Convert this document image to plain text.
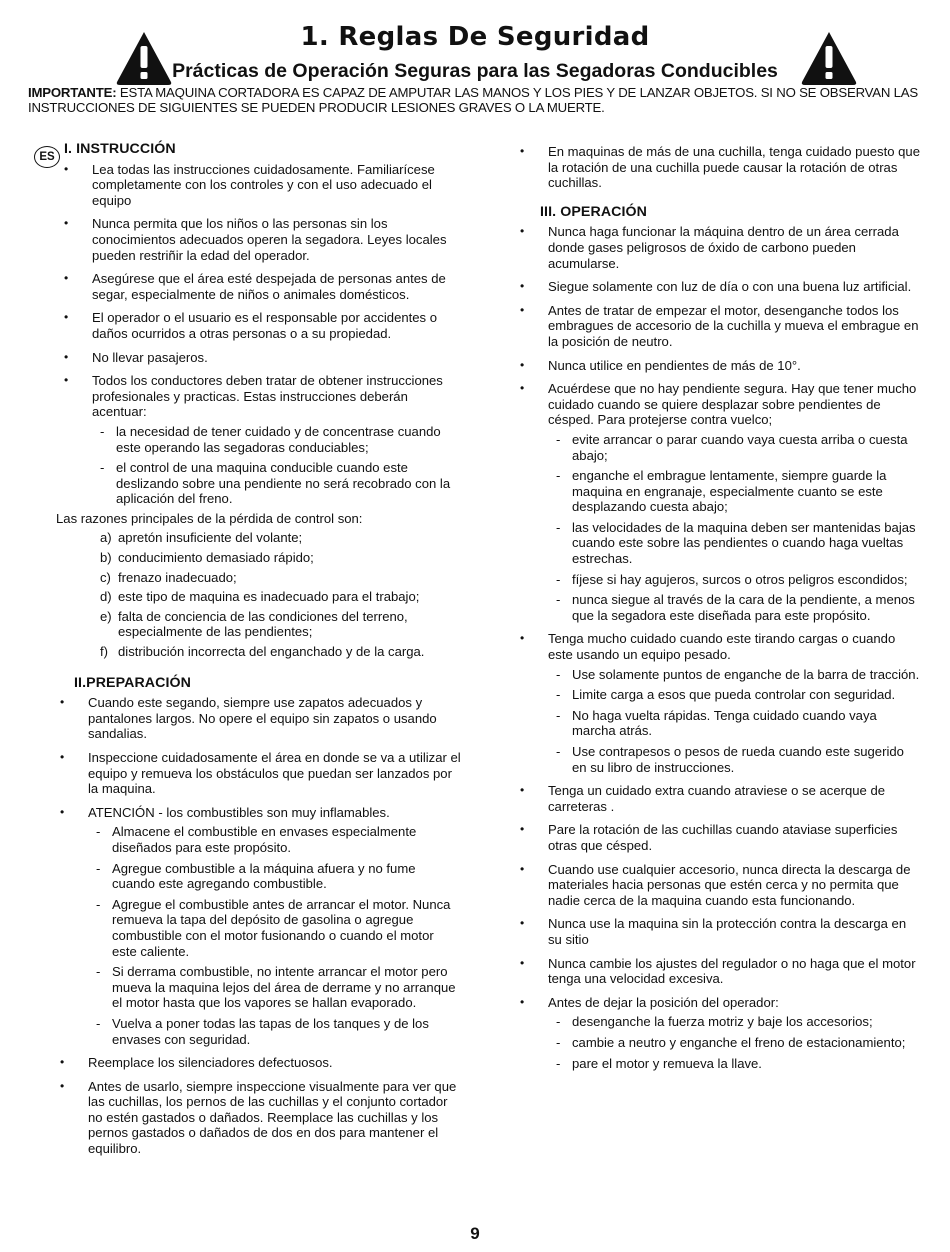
1. Reglas De Seguridad
Prácticas de Operación Seguras para las Segadoras Conducibles
IMPORTANTE: ESTA MAQUINA CORTADORA ES CAPAZ DE AMPUTAR LAS MANOS Y LOS PIES Y DE LANZAR OBJETOS. SI NO SE OBSERVAN LAS INSTRUCCIONES DE SIGUIENTES SE PUEDEN PRODUCIR LESIONES GRAVES O LA MUERTE.
ES I. INSTRUCCIÓN
• Lea todas las instrucciones cuidadosamente. Familiarícese completamente con los controles y con el uso adecuado el equipo
• Nunca permita que los niños o las personas sin los conocimientos adecuados operen la segadora. Leyes locales pueden restriñir la edad del operador.
• Asegúrese que el área esté despejada de personas antes de segar, especialmente de niños o animales domésticos.
• El operador o el usuario es el responsable por accidentes o daños ocurridos a otras personas o a su propiedad.
• No llevar pasajeros.
• Todos los conductores deben tratar de obtener instrucciones profesionales y practicas. Estas instrucciones deberán acentuar:
- la necesidad de tener cuidado y de concentrase cuando este operando las segadoras conduciables;
- el control de una maquina conducible cuando este deslizando sobre una pendiente no será recobrado con la aplicación del freno.

Las razones principales de la pérdida de control son:

a) apretón insuficiente del volante;
b) conducimiento demasiado rápido;
c) frenazo inadecuado;
d) este tipo de maquina es inadecuado para el trabajo;
e) falta de conciencia de las condiciones del terreno, especialmente de las pendientes;
f) distribución incorrecta del enganchado y de la carga.
II.PREPARACIÓN
• Cuando este segando, siempre use zapatos adecuados y pantalones largos. No opere el equipo sin zapatos o usando sandalias.
• Inspeccione cuidadosamente el área en donde se va a utilizar el equipo y remueva los obstáculos que puedan ser lanzados por la maquina.
• ATENCIÓN - los combustibles son muy inflamables.
- Almacene el combustible en envases especialmente diseñados para este propósito.
- Agregue combustible a la máquina afuera y no fume cuando este agregando combustible.
- Agregue el combustible antes de arrancar el motor. Nunca remueva la tapa del depósito de gasolina o agregue combustible con el motor fusionando o cuando el motor este caliente.
- Si derrama combustible, no intente arrancar el motor pero mueva la maquina lejos del área de derrame y no arranque el motor hasta que los vapores se hallan evaporado.
- Vuelva a poner todas las tapas de los tanques y de los envases con seguridad.
• Reemplace los silenciadores defectuosos.
• Antes de usarlo, siempre inspeccione visualmente para ver que las cuchillas, los pernos de las cuchillas y el conjunto cortador no estén gastados o dañados. Reemplace las cuchillas y los pernos gastados o dañados de dos en dos para mantener el equilibro.
• En maquinas de más de una cuchilla, tenga cuidado puesto que la rotación de una cuchilla puede causar la rotación de otras cuchillas.
III. OPERACIÓN
• Nunca haga funcionar la máquina dentro de un área cerrada donde gases peligrosos de óxido de carbono pueden acumularse.
• Siegue solamente con luz de día o con una buena luz artificial.
• Antes de tratar de empezar el motor, desenganche todos los embragues de accesorio de la cuchilla y mueva el embrague en la posición de neutro.
• Nunca utilice en pendientes de más de 10°.
• Acuérdese que no hay pendiente segura. Hay que tener mucho cuidado cuando se quiere desplazar sobre pendientes de césped. Para protejerse contra vuelco;
- evite arrancar o parar cuando vaya cuesta arriba o cuesta abajo;
- enganche el embrague lentamente, siempre guarde la maquina en engranaje, especialmente cuanto se este desplazando cuesta abajo;
- las velocidades de la maquina deben ser mantenidas bajas cuando este sobre las pendientes o cuando haga vueltas estrechas.
- fíjese si hay agujeros, surcos o otros peligros escondidos;
- nunca siegue al través de la cara de la pendiente, a menos que la segadora este diseñada para este propósito.
• Tenga mucho cuidado cuando este tirando cargas o cuando este usando un equipo pesado.
- Use solamente puntos de enganche de la barra de tracción.
- Limite carga a esos que pueda controlar con seguridad.
- No haga vuelta rápidas. Tenga cuidado cuando vaya marcha atrás.
- Use contrapesos o pesos de rueda cuando este sugerido en su libro de instrucciones.
• Tenga un cuidado extra cuando atraviese o se acerque de carreteras .
• Pare la rotación de las cuchillas cuando ataviase superficies otras que césped.
• Cuando use cualquier accesorio, nunca directa la descarga de materiales hacia personas que estén cerca y no permita que nadie cerca de la maquina cuando esta funcionando.
• Nunca use la maquina sin la protección contra la descarga en su sitio
• Nunca cambie los ajustes del regulador o no haga que el motor tenga una velocidad excesiva.
• Antes de dejar la posición del operador:
- desenganche la fuerza motriz y baje los accesorios;
- cambie a neutro y enganche el freno de estacionamiento;
- pare el motor y remueva la llave.
9
